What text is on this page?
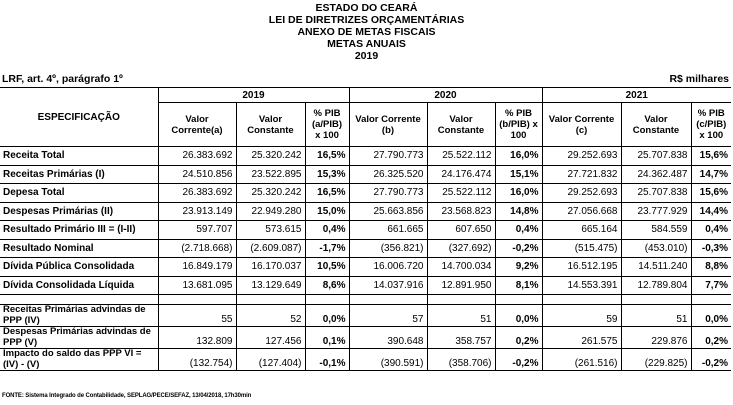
ESTADO DO CEARÁ
LEI DE DIRETRIZES ORÇAMENTÁRIAS
ANEXO DE METAS FISCAIS
METAS ANUAIS
2019
LRF, art. 4º, parágrafo 1º	R$ milhares
ESPECIFICAÇÃO	2019			2020			2021		
	Valor Corrente(a)	Valor Constante	% PIB (a/PIB) x 100	Valor Corrente (b)	Valor Constante	% PIB (b/PIB) x 100	Valor Corrente (c)	Valor Constante	% PIB (c/PIB) x 100
Receita Total	26.383.692	25.320.242	16,5%	27.790.773	25.522.112	16,0%	29.252.693	25.707.838	15,6%
Receitas Primárias (I)	24.510.856	23.522.895	15,3%	26.325.520	24.176.474	15,1%	27.721.832	24.362.487	14,7%
Depesa Total	26.383.692	25.320.242	16,5%	27.790.773	25.522.112	16,0%	29.252.693	25.707.838	15,6%
Despesas Primárias (II)	23.913.149	22.949.280	15,0%	25.663.856	23.568.823	14,8%	27.056.668	23.777.929	14,4%
Resultado Primário III = (I-II)	597.707	573.615	0,4%	661.665	607.650	0,4%	665.164	584.559	0,4%
Resultado Nominal	(2.718.668)	(2.609.087)	-1,7%	(356.821)	(327.692)	-0,2%	(515.475)	(453.010)	-0,3%
Dívida Pública Consolidada	16.849.179	16.170.037	10,5%	16.006.720	14.700.034	9,2%	16.512.195	14.511.240	8,8%
Dívida Consolidada Líquida	13.681.095	13.129.649	8,6%	14.037.916	12.891.950	8,1%	14.553.391	12.789.804	7,7%

Receitas Primárias advindas de PPP (IV)	55	52	0,0%	57	51	0,0%	59	51	0,0%
Despesas Primárias advindas de PPP (V)	132.809	127.456	0,1%	390.648	358.757	0,2%	261.575	229.876	0,2%
Impacto do saldo das PPP VI = (IV) - (V)	(132.754)	(127.404)	-0,1%	(390.591)	(358.706)	-0,2%	(261.516)	(229.825)	-0,2%
FONTE: Sistema Integrado de Contabilidade, SEPLAG/PECE/SEFAZ, 13/04/2018, 17h30min
